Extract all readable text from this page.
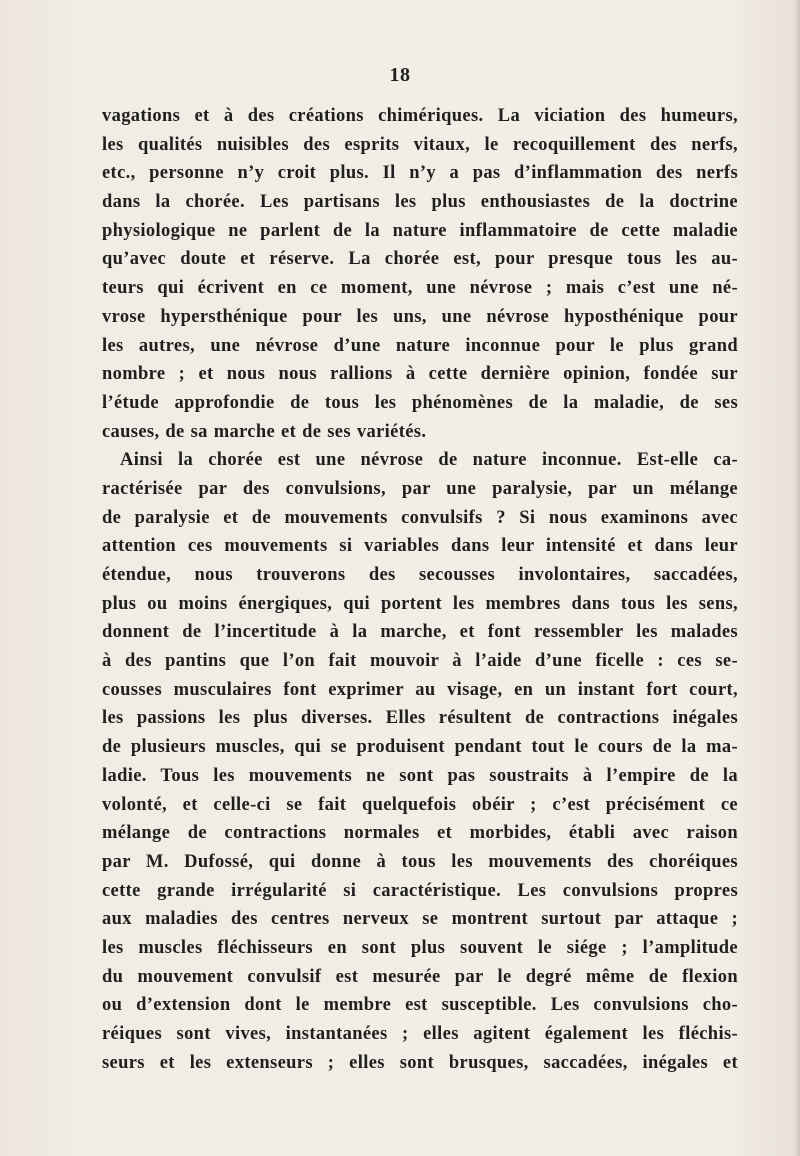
18
vagations et à des créations chimériques. La viciation des humeurs,
les qualités nuisibles des esprits vitaux, le recoquillement des nerfs,
etc., personne n’y croit plus. Il n’y a pas d’inflammation des nerfs
dans la chorée. Les partisans les plus enthousiastes de la doctrine
physiologique ne parlent de la nature inflammatoire de cette maladie
qu’avec doute et réserve. La chorée est, pour presque tous les au-
teurs qui écrivent en ce moment, une névrose ; mais c’est une né-
vrose hypersthénique pour les uns, une névrose hyposthénique pour
les autres, une névrose d’une nature inconnue pour le plus grand
nombre ; et nous nous rallions à cette dernière opinion, fondée sur
l’étude approfondie de tous les phénomènes de la maladie, de ses
causes, de sa marche et de ses variétés.
Ainsi la chorée est une névrose de nature inconnue. Est-elle ca-
ractérisée par des convulsions, par une paralysie, par un mélange
de paralysie et de mouvements convulsifs ? Si nous examinons avec
attention ces mouvements si variables dans leur intensité et dans leur
étendue, nous trouverons des secousses involontaires, saccadées,
plus ou moins énergiques, qui portent les membres dans tous les sens,
donnent de l’incertitude à la marche, et font ressembler les malades
à des pantins que l’on fait mouvoir à l’aide d’une ficelle : ces se-
cousses musculaires font exprimer au visage, en un instant fort court,
les passions les plus diverses. Elles résultent de contractions inégales
de plusieurs muscles, qui se produisent pendant tout le cours de la ma-
ladie. Tous les mouvements ne sont pas soustraits à l’empire de la
volonté, et celle-ci se fait quelquefois obéir ; c’est précisément ce
mélange de contractions normales et morbides, établi avec raison
par M. Dufossé, qui donne à tous les mouvements des choréiques
cette grande irrégularité si caractéristique. Les convulsions propres
aux maladies des centres nerveux se montrent surtout par attaque ;
les muscles fléchisseurs en sont plus souvent le siége ; l’amplitude
du mouvement convulsif est mesurée par le degré même de flexion
ou d’extension dont le membre est susceptible. Les convulsions cho-
réiques sont vives, instantanées ; elles agitent également les fléchis-
seurs et les extenseurs ; elles sont brusques, saccadées, inégales et
